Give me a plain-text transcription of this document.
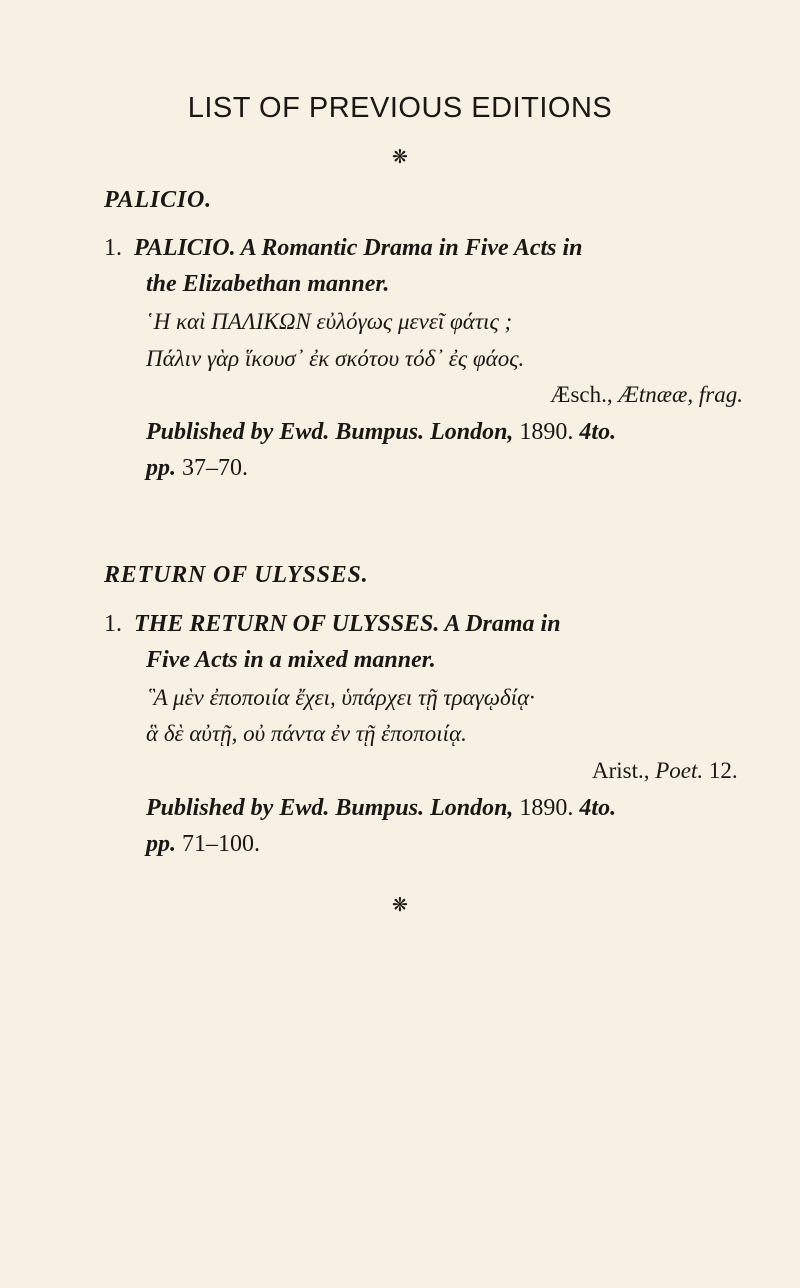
LIST OF PREVIOUS EDITIONS
❋
PALICIO.
1. PALICIO. A Romantic Drama in Five Acts in
the Elizabethan manner.
῾Η καὶ ΠΑΛΙΚΩΝ εὐλόγως μενεῖ φάτις ;
Πάλιν γὰρ ἵκουσ᾽ ἐκ σκότου τόδ᾽ ἐς φάος.
Æsch., Ætnææ, frag.
Published by Ewd. Bumpus. London, 1890. 4to.
pp. 37–70.
RETURN OF ULYSSES.
1. THE RETURN OF ULYSSES. A Drama in
Five Acts in a mixed manner.
῝Α μὲν ἐποποιία ἔχει, ὑπάρχει τῇ τραγῳδίᾳ·
ἃ δὲ αὐτῇ, οὐ πάντα ἐν τῇ ἐποποιίᾳ.
Arist., Poet. 12.
Published by Ewd. Bumpus. London, 1890. 4to.
pp. 71–100.
❋
